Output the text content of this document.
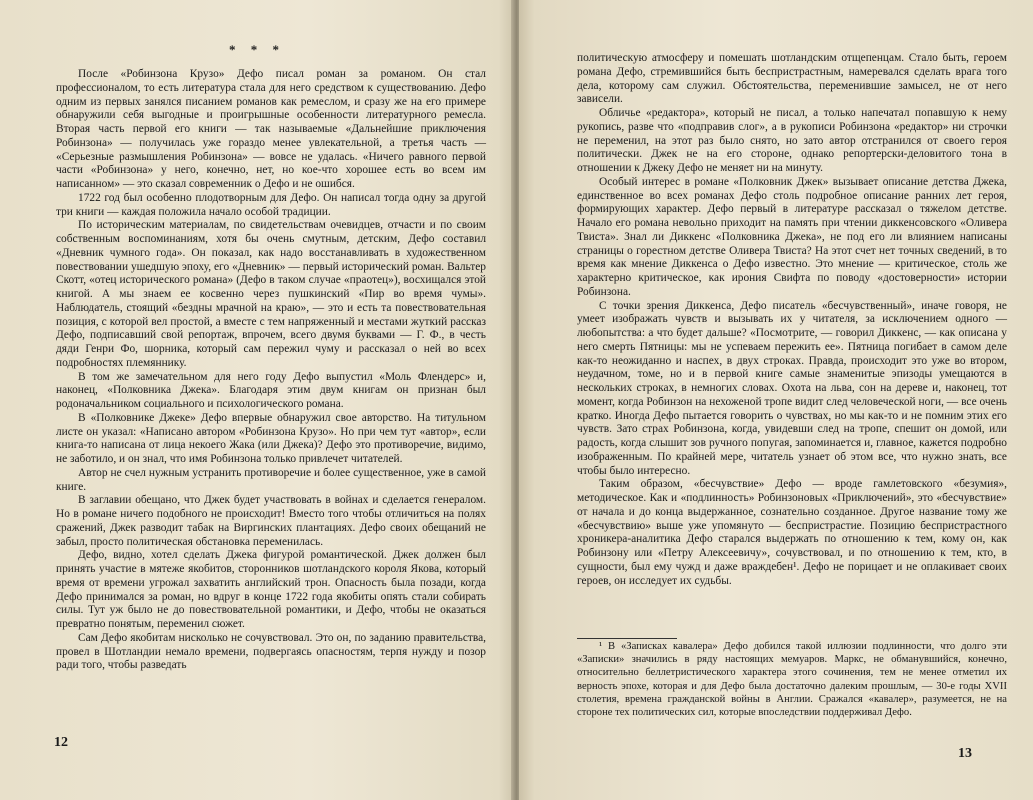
* * *

После «Робинзона Крузо» Дефо писал роман за романом. Он стал профессионалом, то есть литература стала для него средством к существованию. Дефо одним из первых занялся писанием романов как ремеслом, и сразу же на его примере обнаружили себя выгодные и проигрышные особенности литературного ремесла. Вторая часть первой его книги — так называемые «Дальнейшие приключения Робинзона» — получилась уже гораздо менее увлекательной, а третья часть — «Серьезные размышления Робинзона» — вовсе не удалась. «Ничего равного первой части «Робинзона» у него, конечно, нет, но кое-что хорошее есть во всем им написанном» — это сказал современник о Дефо и не ошибся.

1722 год был особенно плодотворным для Дефо. Он написал тогда одну за другой три книги — каждая положила начало особой традиции.

По историческим материалам, по свидетельствам очевидцев, отчасти и по своим собственным воспоминаниям, хотя бы очень смутным, детским, Дефо составил «Дневник чумного года». Он показал, как надо восстанавливать в художественном повествовании ушедшую эпоху, его «Дневник» — первый исторический роман. Вальтер Скотт, «отец исторического романа» (Дефо в таком случае «праотец»), восхищался этой книгой. А мы знаем ее косвенно через пушкинский «Пир во время чумы». Наблюдатель, стоящий «бездны мрачной на краю», — это и есть та повествовательная позиция, с которой вел простой, а вместе с тем напряженный и местами жуткий рассказ Дефо, подписавший свой репортаж, впрочем, всего двумя буквами — Г. Ф., в честь дяди Генри Фо, шорника, который сам пережил чуму и рассказал о ней во всех подробностях племяннику.

В том же замечательном для него году Дефо выпустил «Моль Флендерс» и, наконец, «Полковника Джека». Благодаря этим двум книгам он признан был родоначальником социального и психологического романа.

В «Полковнике Джеке» Дефо впервые обнаружил свое авторство. На титульном листе он указал: «Написано автором «Робинзона Крузо». Но при чем тут «автор», если книга-то написана от лица некоего Жака (или Джека)? Дефо это противоречие, видимо, не заботило, и он знал, что имя Робинзона только привлечет читателей.

Автор не счел нужным устранить противоречие и более существенное, уже в самой книге.

В заглавии обещано, что Джек будет участвовать в войнах и сделается генералом. Но в романе ничего подобного не происходит! Вместо того чтобы отличиться на полях сражений, Джек разводит табак на Виргинских плантациях. Дефо своих обещаний не забыл, просто политическая обстановка переменилась.

Дефо, видно, хотел сделать Джека фигурой романтической. Джек должен был принять участие в мятеже якобитов, сторонников шотландского короля Якова, который время от времени угрожал захватить английский трон. Опасность была позади, когда Дефо принимался за роман, но вдруг в конце 1722 года якобиты опять стали собирать силы. Тут уж было не до повествовательной романтики, и Дефо, чтобы не оказаться превратно понятым, переменил сюжет.

Сам Дефо якобитам нисколько не сочувствовал. Это он, по заданию правительства, провел в Шотландии немало времени, подвергаясь опасностям, терпя нужду и позор ради того, чтобы разведать

12

политическую атмосферу и помешать шотландским отщепенцам. Стало быть, героем романа Дефо, стремившийся быть беспристрастным, намеревался сделать врага того дела, которому сам служил. Обстоятельства, переменившие замысел, не от него зависели.

Обличье «редактора», который не писал, а только напечатал попавшую к нему рукопись, разве что «подправив слог», а в рукописи Робинзона «редактор» ни строчки не переменил, на этот раз было снято, но зато автор отстранился от своего героя политически. Джек не на его стороне, однако репортерски-деловитого тона в отношении к Джеку Дефо не меняет ни на минуту.

Особый интерес в романе «Полковник Джек» вызывает описание детства Джека, единственное во всех романах Дефо столь подробное описание ранних лет героя, формирующих характер. Дефо первый в литературе рассказал о тяжелом детстве. Начало его романа невольно приходит на память при чтении диккенсовского «Оливера Твиста». Знал ли Диккенс «Полковника Джека», не под его ли влиянием написаны страницы о горестном детстве Оливера Твиста? На этот счет нет точных сведений, в то время как мнение Диккенса о Дефо известно. Это мнение — критическое, столь же характерно критическое, как ирония Свифта по поводу «достоверности» истории Робинзона.

С точки зрения Диккенса, Дефо писатель «бесчувственный», иначе говоря, не умеет изображать чувств и вызывать их у читателя, за исключением одного — любопытства: а что будет дальше? «Посмотрите, — говорил Диккенс, — как описана у него смерть Пятницы: мы не успеваем пережить ее». Пятница погибает в самом деле как-то неожиданно и наспех, в двух строках. Правда, происходит это уже во втором, неудачном, томе, но и в первой книге самые знаменитые эпизоды умещаются в нескольких строках, в немногих словах. Охота на льва, сон на дереве и, наконец, тот момент, когда Робинзон на нехоженой тропе видит след человеческой ноги, — все очень кратко. Иногда Дефо пытается говорить о чувствах, но мы как-то и не помним этих его чувств. Зато страх Робинзона, когда, увидевши след на тропе, спешит он домой, или радость, когда слышит зов ручного попугая, запоминается и, главное, кажется подробно изображенным. По крайней мере, читатель узнает об этом все, что нужно знать, все чтобы было интересно.

Таким образом, «бесчувствие» Дефо — вроде гамлетовского «безумия», методическое. Как и «подлинность» Робинзоновых «Приключений», это «бесчувствие» от начала и до конца выдержанное, сознательно созданное. Другое название тому же «бесчувствию» выше уже упомянуто — беспристрастие. Позицию беспристрастного хроникера-аналитика Дефо старался выдержать по отношению к тем, кому он, как Робинзону или «Петру Алексеевичу», сочувствовал, и по отношению к тем, кто, в сущности, был ему чужд и даже враждебен¹. Дефо не порицает и не оплакивает своих героев, он исследует их судьбы.

¹ В «Записках кавалера» Дефо добился такой иллюзии подлинности, что долго эти «Записки» значились в ряду настоящих мемуаров. Маркс, не обманувшийся, конечно, относительно беллетристического характера этого сочинения, тем не менее отметил их верность эпохе, которая и для Дефо была достаточно далеким прошлым, — 30-е годы XVII столетия, времена гражданской войны в Англии. Сражался «кавалер», разумеется, не на стороне тех политических сил, которые впоследствии поддерживал Дефо.

13
